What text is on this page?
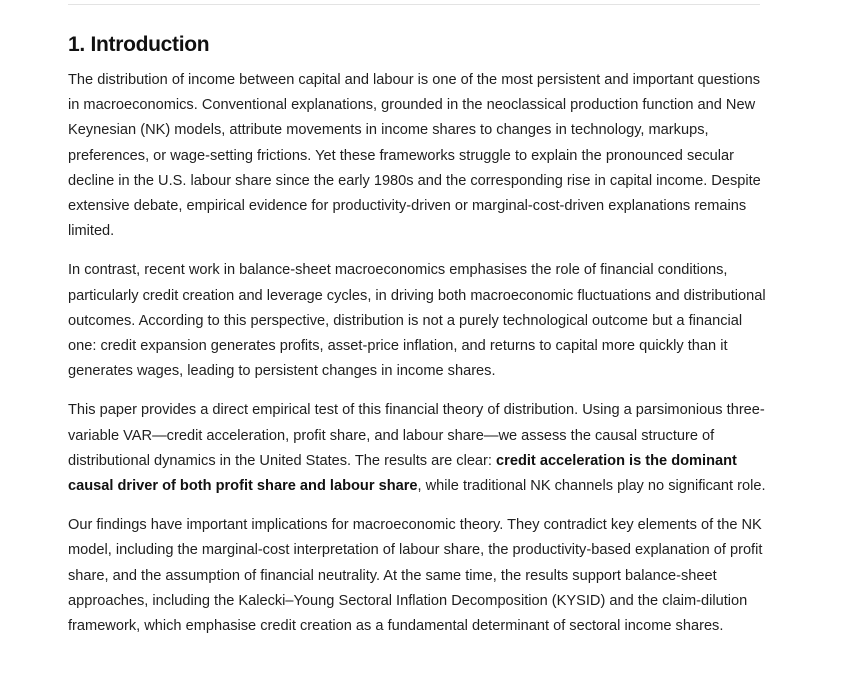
1. Introduction

The distribution of income between capital and labour is one of the most persistent and important questions in macroeconomics. Conventional explanations, grounded in the neoclassical production function and New Keynesian (NK) models, attribute movements in income shares to changes in technology, markups, preferences, or wage-setting frictions. Yet these frameworks struggle to explain the pronounced secular decline in the U.S. labour share since the early 1980s and the corresponding rise in capital income. Despite extensive debate, empirical evidence for productivity-driven or marginal-cost-driven explanations remains limited.

In contrast, recent work in balance-sheet macroeconomics emphasises the role of financial conditions, particularly credit creation and leverage cycles, in driving both macroeconomic fluctuations and distributional outcomes. According to this perspective, distribution is not a purely technological outcome but a financial one: credit expansion generates profits, asset-price inflation, and returns to capital more quickly than it generates wages, leading to persistent changes in income shares.

This paper provides a direct empirical test of this financial theory of distribution. Using a parsimonious three-variable VAR—credit acceleration, profit share, and labour share—we assess the causal structure of distributional dynamics in the United States. The results are clear: credit acceleration is the dominant causal driver of both profit share and labour share, while traditional NK channels play no significant role.

Our findings have important implications for macroeconomic theory. They contradict key elements of the NK model, including the marginal-cost interpretation of labour share, the productivity-based explanation of profit share, and the assumption of financial neutrality. At the same time, the results support balance-sheet approaches, including the Kalecki–Young Sectoral Inflation Decomposition (KYSID) and the claim-dilution framework, which emphasise credit creation as a fundamental determinant of sectoral income shares.
